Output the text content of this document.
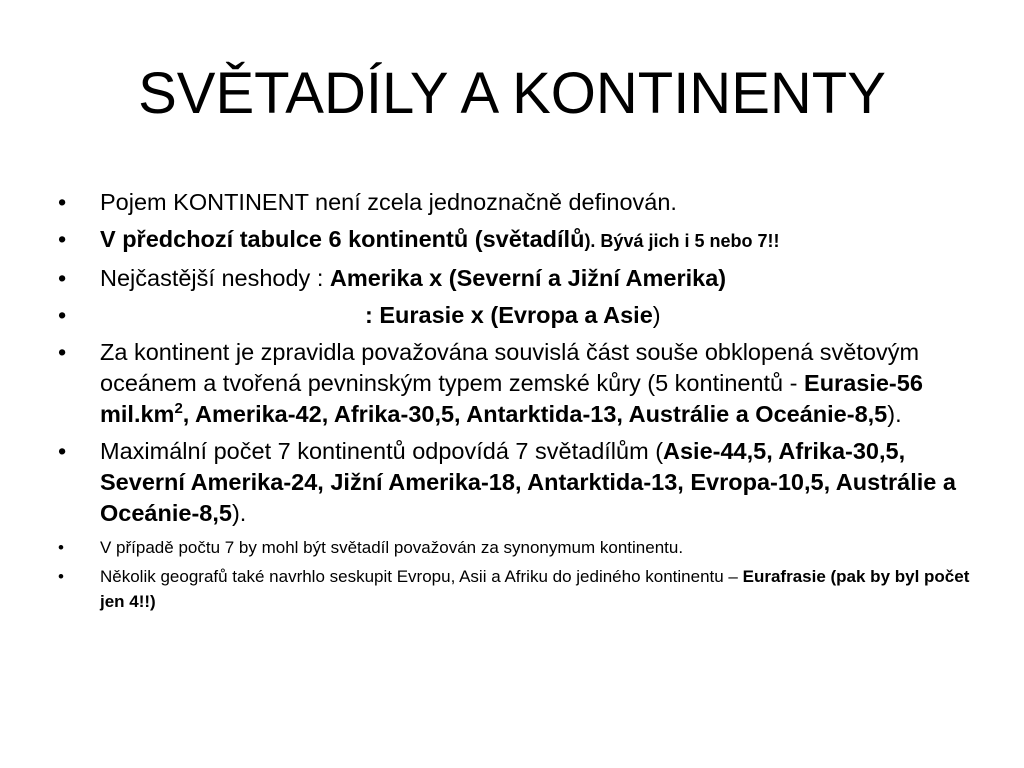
SVĚTADÍLY A KONTINENTY
•	Pojem KONTINENT není zcela jednoznačně definován.
•	V předchozí tabulce 6 kontinentů (světadílů). Bývá jich i 5 nebo 7!!
•	Nejčastější neshody : Amerika x (Severní a Jižní Amerika)
•	: Eurasie x (Evropa a Asie)
•	Za kontinent je zpravidla považována souvislá část souše obklopená světovým oceánem a tvořená pevninským typem zemské kůry (5 kontinentů - Eurasie-56 $mil.km^2$, Amerika-42, Afrika-30,5, Antarktida-13, Austrálie a Oceánie-8,5).
•	Maximální počet 7 kontinentů odpovídá 7 světadílům (Asie-44,5, Afrika-30,5, Severní Amerika-24, Jižní Amerika-18, Antarktida-13, Evropa-10,5, Austrálie a Oceánie-8,5).
•	V případě počtu 7 by mohl být světadíl považován za synonymum kontinentu.
•	Několik geografů také navrhlo seskupit Evropu, Asii a Afriku do jediného kontinentu – Eurafrasie (pak by byl počet jen 4!!)
